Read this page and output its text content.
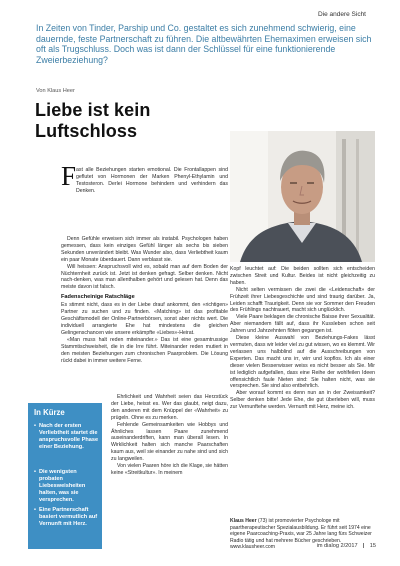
Die andere Sicht
In Zeiten von Tinder, Parship und Co. gestaltet es sich zunehmend schwierig, eine dauernde, feste Partnerschaft zu führen. Die altbewährten Ehemaximen erweisen sich oft als Trugschluss. Doch was ist dann der Schlüssel für eine funktionierende Zweierbeziehung?
Von Klaus Heer
Liebe ist kein Luftschloss
F ast alle Beziehungen starten emotional. Die Frontallappen sind geflutet von Hormonen der Marken Phenyl-Ethylamin und Testosteron. Derlei Hormone behindern und verhindern das Denken.

Denn Gefühle erweisen sich immer als instabil. Psychologen haben gemessen, dass kein einziges Gefühl länger als sechs bis sieben Sekunden unverändert bleibt. Was Wunder also, dass Verliebtheit kaum ein paar Monate überdauert. Dann verblasst sie.

Will heissen: Anspruchsvoll wird es, sobald man auf dem Boden der Nüchternheit zurück ist. Jetzt ist denken gefragt. Selber denken. Nicht nach-denken, was man allenthalben gehört und gelesen hat. Denn das meiste davon ist falsch.

Fadenscheinige Ratschläge

Es stimmt nicht, dass es in der Liebe drauf ankommt, den «richtigen» Partner zu suchen und zu finden. «Matching» ist das profitable Geschäftsmodell der Online-Partnerbörsen, sonst aber nichts wert. Die individuell arrangierte Ehe hat mindestens die gleichen Gelingenschancen wie unsere erkämpfte «Liebes»-Heirat.

«Man muss halt reden miteinander.» Das ist eine gesamtrussige Stammtischweisheit, die in die Irre führt. Miteinander reden mutiert in den meisten Beziehungen zum chronischen Paarproblem. Die Lösung rückt dabei in immer weitere Ferne.

Ehrlichkeit und Wahrheit seien das Herzstück der Liebe, heisst es. Wer das glaubt, neigt dazu, den anderen mit dem Knüppel der «Wahrheit» zu prügeln. Ohne es zu merken.

Fehlende Gemeinsamkeiten wie Hobbys und Ähnliches lassen Paare zunehmend auseinanderdriften, kann man überall lesen. In Wirklichkeit halten sich manche Paarschaften kaum aus, weil sie einander zu nahe sind und sich zu langweilen.

Von vielen Paaren höre ich die Klage, sie hätten keine «Streitkultur». In meinem

Kopf leuchtet auf: Die beiden sollten sich entscheiden zwischen Streit und Kultur. Beides ist nicht gleichzeitig zu haben.

Nicht selten vermissen die zwei die «Leidenschaft» der Frühzeit ihrer Liebesgeschichte und sind traurig darüber. Ja, Leiden schafft Traurigkeit. Denn sie vor Sommer den Freuden des Frühlings nachtrauert, macht sich unglücklich.

Viele Paare beklagen die chronische Baisse ihrer Sexualität. Aber niemandem fällt auf, dass ihr Kussleben schon seit Jahren und Jahrzehnten flöten gegangen ist.

Diese kleine Auswahl von Beziehungs-Fakes lässt vermuten, dass wir leider viel zu gut wissen, wo es klemmt. Wir verlassen uns halbblind auf die Ausschreibungen von Experten. Das macht uns irr, wirr und kopflos. Ich als einer dieser vielen Besserwisser weiss es nicht besser als Sie. Mir ist lediglich aufgefallen, dass eine Reihe der wohlfeilen Ideen offensichtlich faule Nieten sind: Sie halten nicht, was sie versprechen. Sie sind also entbehrlich.

Aber worauf kommt es denn nun an in der Zweisamkeit? Selber denken bitte! Jede Ehe, die gut überleben will, muss zur Vernunftehe werden. Vernunft mit Herz, meine ich.

In Kürze
• Nach der ersten Verliebtheit startet die anspruchsvolle Phase einer Beziehung.
• Die wenigsten probaten Liebesweisheiten halten, was sie versprechen.
• Eine Partnerschaft basiert vermutlich auf Vernunft mit Herz.	Klaus Heer (73) ist promovierter Psychologe mit paartherapeutischer Spezialausbildung. Er führt seit 1974 eine eigene Paarcoaching-Praxis, war 25 Jahre lang fürs Schweizer Radio tätig und hat mehrere Bücher geschrieben. www.klausheer.com	im dialog 2/2017 15
